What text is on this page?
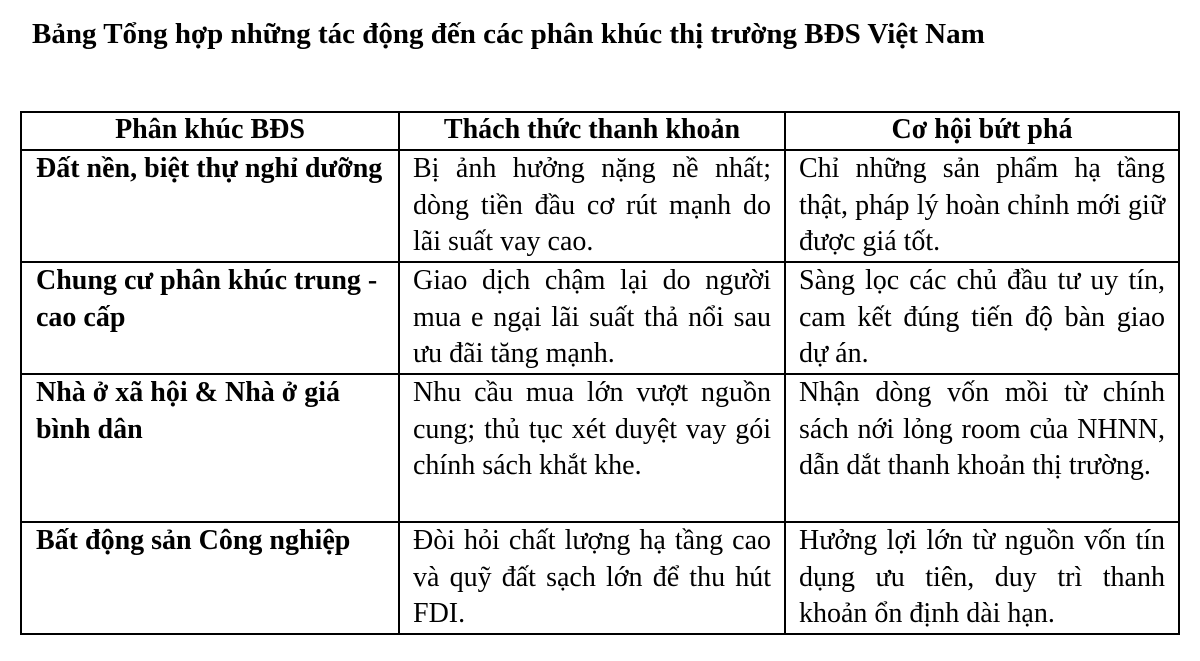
Bảng Tổng hợp những tác động đến các phân khúc thị trường BĐS Việt Nam
Phân khúc BĐS	Thách thức thanh khoản	Cơ hội bứt phá
Đất nền, biệt thự nghỉ dưỡng	Bị ảnh hưởng nặng nề nhất; dòng tiền đầu cơ rút mạnh do lãi suất vay cao.	Chỉ những sản phẩm hạ tầng thật, pháp lý hoàn chỉnh mới giữ được giá tốt.
Chung cư phân khúc trung - cao cấp	Giao dịch chậm lại do người mua e ngại lãi suất thả nổi sau ưu đãi tăng mạnh.	Sàng lọc các chủ đầu tư uy tín, cam kết đúng tiến độ bàn giao dự án.
Nhà ở xã hội & Nhà ở giá bình dân	Nhu cầu mua lớn vượt nguồn cung; thủ tục xét duyệt vay gói chính sách khắt khe.	Nhận dòng vốn mồi từ chính sách nới lỏng room của NHNN, dẫn dắt thanh khoản thị trường.
Bất động sản Công nghiệp	Đòi hỏi chất lượng hạ tầng cao và quỹ đất sạch lớn để thu hút FDI.	Hưởng lợi lớn từ nguồn vốn tín dụng ưu tiên, duy trì thanh khoản ổn định dài hạn.
